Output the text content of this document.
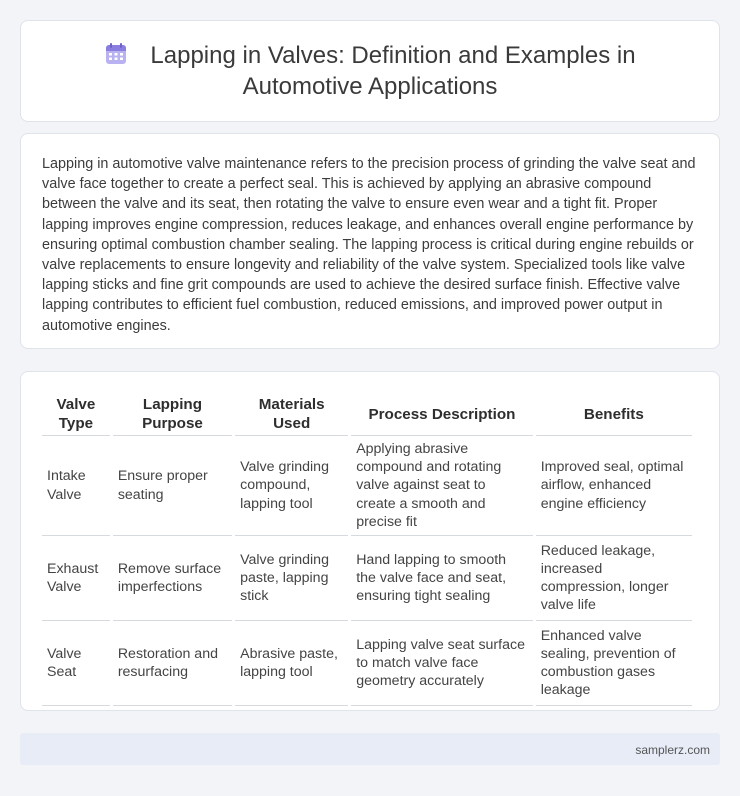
Lapping in Valves: Definition and Examples in Automotive Applications

Lapping in automotive valve maintenance refers to the precision process of grinding the valve seat and valve face together to create a perfect seal. This is achieved by applying an abrasive compound between the valve and its seat, then rotating the valve to ensure even wear and a tight fit. Proper lapping improves engine compression, reduces leakage, and enhances overall engine performance by ensuring optimal combustion chamber sealing. The lapping process is critical during engine rebuilds or valve replacements to ensure longevity and reliability of the valve system. Specialized tools like valve lapping sticks and fine grit compounds are used to achieve the desired surface finish. Effective valve lapping contributes to efficient fuel combustion, reduced emissions, and improved power output in automotive engines.

Valve Type	Lapping Purpose	Materials Used	Process Description	Benefits
Intake Valve	Ensure proper seating	Valve grinding compound, lapping tool	Applying abrasive compound and rotating valve against seat to create a smooth and precise fit	Improved seal, optimal airflow, enhanced engine efficiency
Exhaust Valve	Remove surface imperfections	Valve grinding paste, lapping stick	Hand lapping to smooth the valve face and seat, ensuring tight sealing	Reduced leakage, increased compression, longer valve life
Valve Seat	Restoration and resurfacing	Abrasive paste, lapping tool	Lapping valve seat surface to match valve face geometry accurately	Enhanced valve sealing, prevention of combustion gases leakage
samplerz.com
